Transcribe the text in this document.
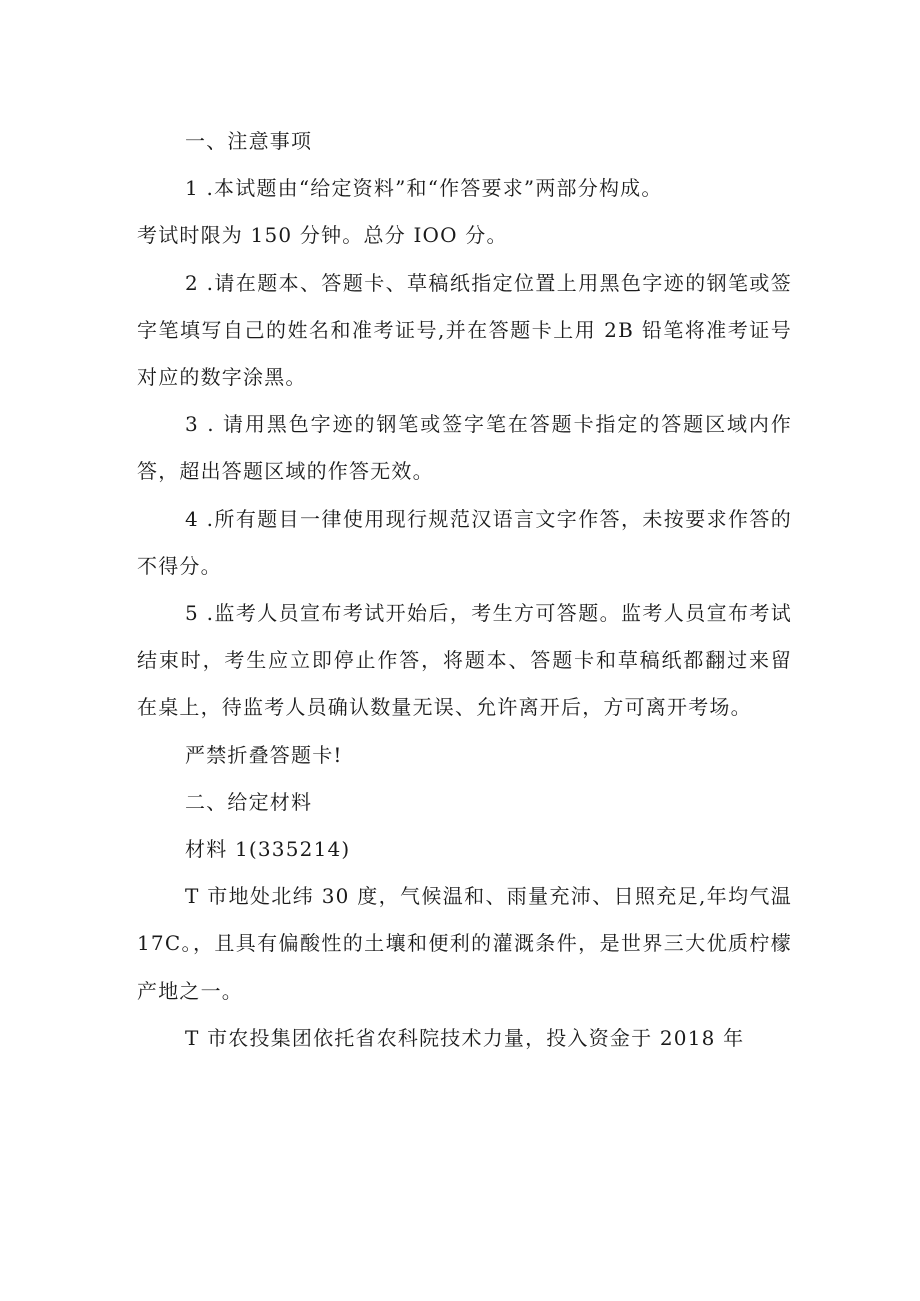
一、注意事项

1 .本试题由“给定资料”和“作答要求”两部分构成。

考试时限为 150 分钟。总分 IOO 分。

2 .请在题本、答题卡、草稿纸指定位置上用黑色字迹的钢笔或签字笔填写自己的姓名和准考证号,并在答题卡上用 2B 铅笔将准考证号对应的数字涂黑。

3 . 请用黑色字迹的钢笔或签字笔在答题卡指定的答题区域内作答，超出答题区域的作答无效。

4 .所有题目一律使用现行规范汉语言文字作答，未按要求作答的不得分。

5 .监考人员宣布考试开始后，考生方可答题。监考人员宣布考试结束时，考生应立即停止作答，将题本、答题卡和草稿纸都翻过来留在桌上，待监考人员确认数量无误、允许离开后，方可离开考场。

严禁折叠答题卡!

二、给定材料

材料 1(335214)

T 市地处北纬 30 度，气候温和、雨量充沛、日照充足,年均气温 17C。，且具有偏酸性的土壤和便利的灌溉条件，是世界三大优质柠檬产地之一。

T 市农投集团依托省农科院技术力量，投入资金于 2018 年
